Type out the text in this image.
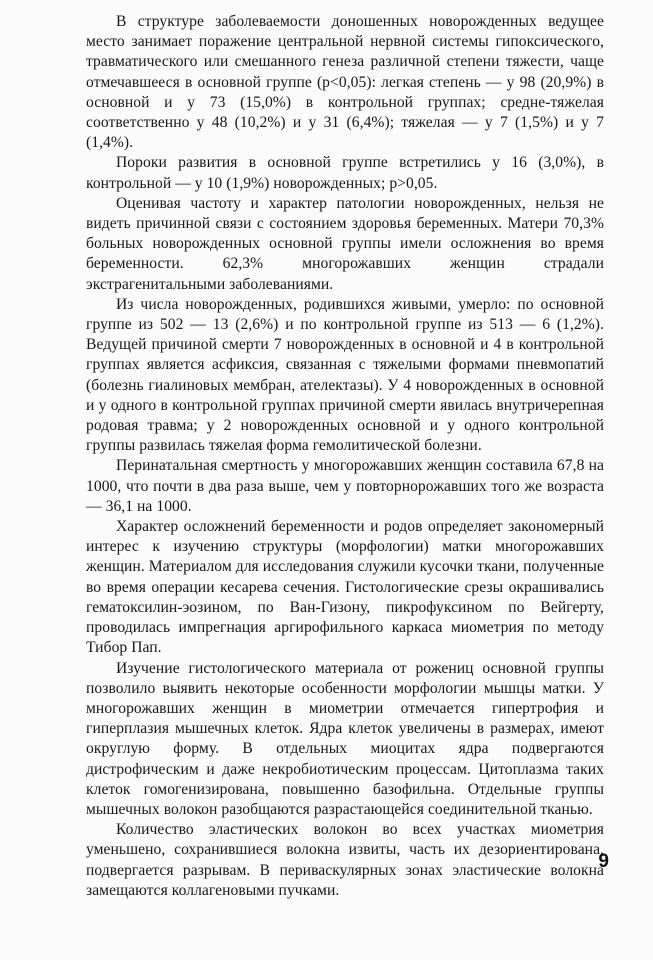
В структуре заболеваемости доношенных новорожденных ведущее место занимает поражение центральной нервной системы гипоксического, травматического или смешанного генеза различной степени тяжести, чаще отмечавшееся в основной группе (p<0,05): легкая степень — у 98 (20,9%) в основной и у 73 (15,0%) в контрольной группах; средне-тяжелая соответственно у 48 (10,2%) и у 31 (6,4%); тяжелая — у 7 (1,5%) и у 7 (1,4%).

Пороки развития в основной группе встретились у 16 (3,0%), в контрольной — у 10 (1,9%) новорожденных; p>0,05.

Оценивая частоту и характер патологии новорожденных, нельзя не видеть причинной связи с состоянием здоровья беременных. Матери 70,3% больных новорожденных основной группы имели осложнения во время беременности. 62,3% многорожавших женщин страдали экстрагенитальными заболеваниями.

Из числа новорожденных, родившихся живыми, умерло: по основной группе из 502 — 13 (2,6%) и по контрольной группе из 513 — 6 (1,2%). Ведущей причиной смерти 7 новорожденных в основной и 4 в контрольной группах является асфиксия, связанная с тяжелыми формами пневмопатий (болезнь гиалиновых мембран, ателектазы). У 4 новорожденных в основной и у одного в контрольной группах причиной смерти явилась внутричерепная родовая травма; у 2 новорожденных основной и у одного контрольной группы развилась тяжелая форма гемолитической болезни.

Перинатальная смертность у многорожавших женщин составила 67,8 на 1000, что почти в два раза выше, чем у повторнорожавших того же возраста — 36,1 на 1000.

Характер осложнений беременности и родов определяет закономерный интерес к изучению структуры (морфологии) матки многорожавших женщин. Материалом для исследования служили кусочки ткани, полученные во время операции кесарева сечения. Гистологические срезы окрашивались гематоксилин-эозином, по Ван-Гизону, пикрофуксином по Вейгерту, проводилась импрегнация аргирофильного каркаса миометрия по методу Тибор Пап.

Изучение гистологического материала от рожениц основной группы позволило выявить некоторые особенности морфологии мышцы матки. У многорожавших женщин в миометрии отмечается гипертрофия и гиперплазия мышечных клеток. Ядра клеток увеличены в размерах, имеют округлую форму. В отдельных миоцитах ядра подвергаются дистрофическим и даже некробиотическим процессам. Цитоплазма таких клеток гомогенизирована, повышенно базофильна. Отдельные группы мышечных волокон разобщаются разрастающейся соединительной тканью.

Количество эластических волокон во всех участках миометрия уменьшено, сохранившиеся волокна извиты, часть их дезориентирована, подвергается разрывам. В периваскулярных зонах эластические волокна замещаются коллагеновыми пучками.

9
